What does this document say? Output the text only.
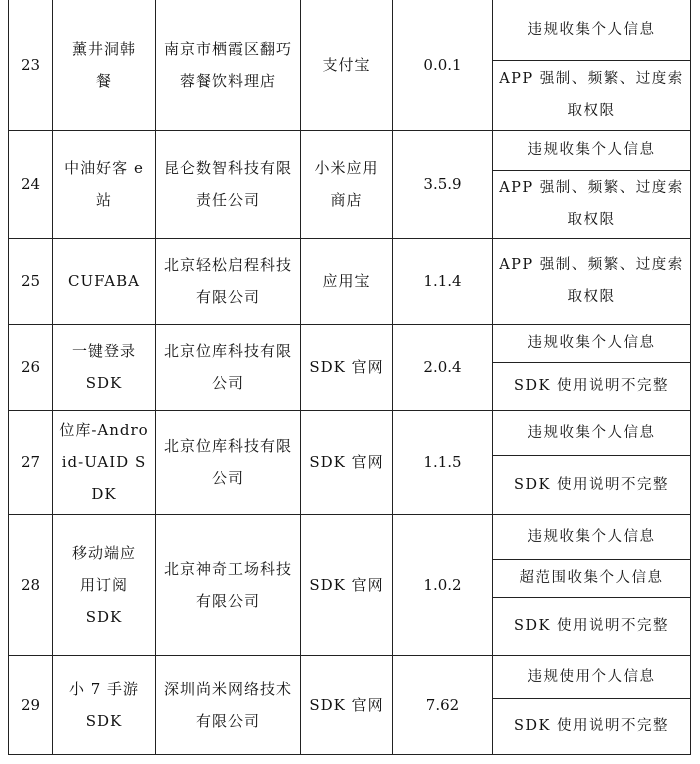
23	薰井洞韩餐	南京市栖霞区翻巧蓉餐饮料理店	支付宝	0.0.1	违规收集个人信息
					APP 强制、频繁、过度索取权限
24	中油好客 e 站	昆仑数智科技有限责任公司	小米应用商店	3.5.9	违规收集个人信息
					APP 强制、频繁、过度索取权限
25	CUFABA	北京轻松启程科技有限公司	应用宝	1.1.4	APP 强制、频繁、过度索取权限
26	一键登录SDK	北京位库科技有限公司	SDK 官网	2.0.4	违规收集个人信息
					SDK 使用说明不完整
27	位库-Android-UAID SDK	北京位库科技有限公司	SDK 官网	1.1.5	违规收集个人信息
					SDK 使用说明不完整
28	移动端应用订阅SDK	北京神奇工场科技有限公司	SDK 官网	1.0.2	违规收集个人信息
					超范围收集个人信息
					SDK 使用说明不完整
29	小 7 手游SDK	深圳尚米网络技术有限公司	SDK 官网	7.62	违规使用个人信息
					SDK 使用说明不完整
